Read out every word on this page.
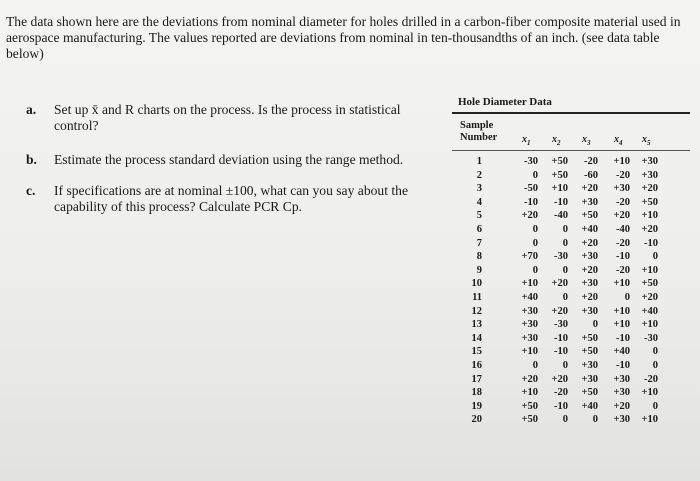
The data shown here are the deviations from nominal diameter for holes drilled in a carbon-fiber composite material used in aerospace manufacturing. The values reported are deviations from nominal in ten-thousandths of an inch. (see data table below)

a. Set up x̄ and R charts on the process. Is the process in statistical control?
b. Estimate the process standard deviation using the range method.
c. If specifications are at nominal ±100, what can you say about the capability of this process? Calculate PCR Cp.
Hole Diameter Data
Sample
Number $x_1$ $x_2$ $x_3$ $x_4$ $x_5$
1	-30	+50	-20	+10	+30
2	0	+50	-60	-20	+30
3	-50	+10	+20	+30	+20
4	-10	-10	+30	-20	+50
5	+20	-40	+50	+20	+10
6	0	0	+40	-40	+20
7	0	0	+20	-20	-10
8	+70	-30	+30	-10	0
9	0	0	+20	-20	+10
10	+10	+20	+30	+10	+50
11	+40	0	+20	0	+20
12	+30	+20	+30	+10	+40
13	+30	-30	0	+10	+10
14	+30	-10	+50	-10	-30
15	+10	-10	+50	+40	0
16	0	0	+30	-10	0
17	+20	+20	+30	+30	-20
18	+10	-20	+50	+30	+10
19	+50	-10	+40	+20	0
20	+50	0	0	+30	+10
